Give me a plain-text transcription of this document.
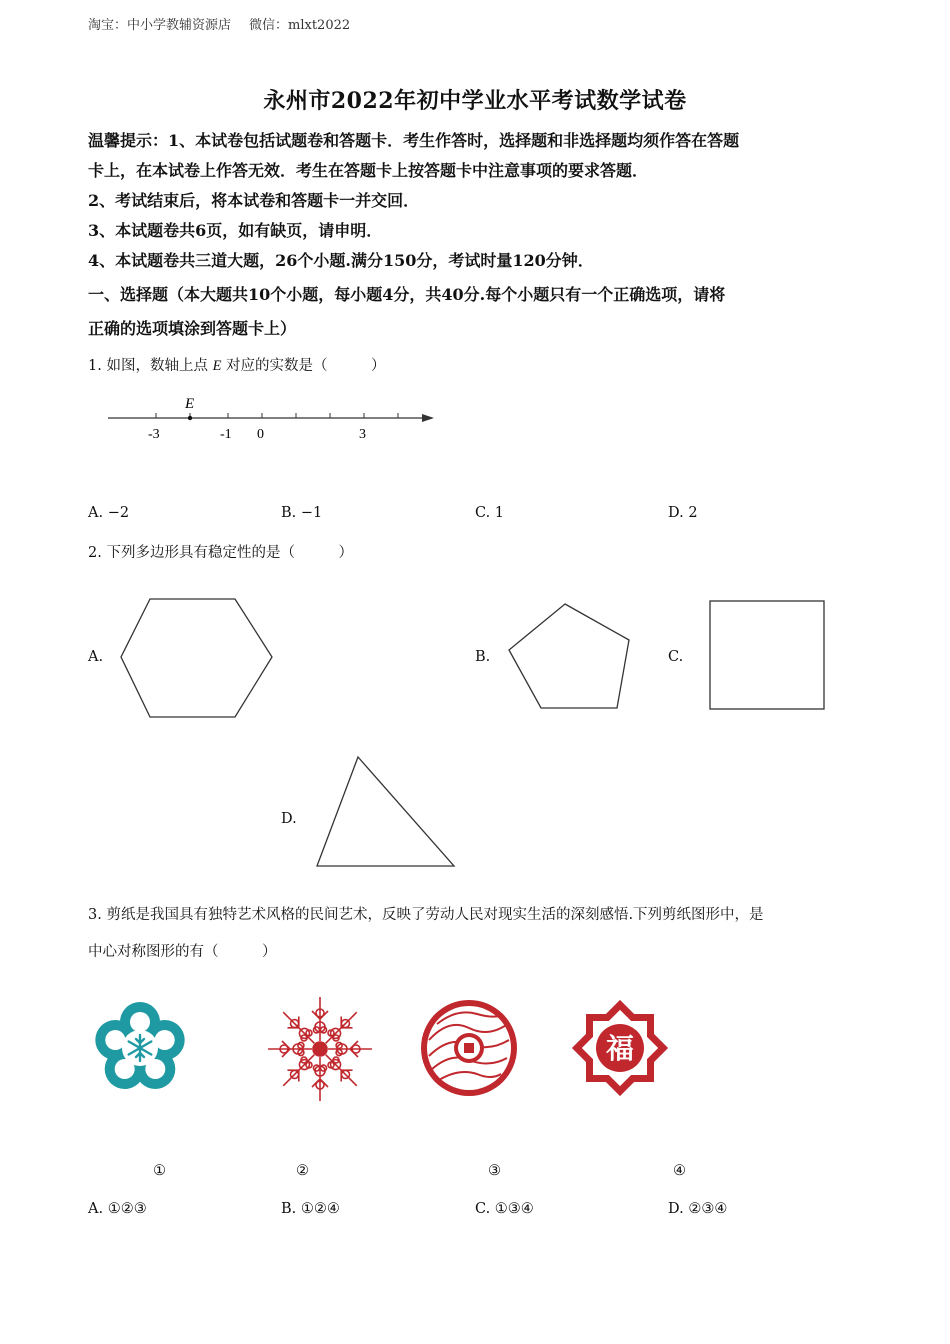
淘宝：中小学教辅资源店 微信：mlxt2022
永州市2022年初中学业水平考试数学试卷
温馨提示：1、本试卷包括试题卷和答题卡．考生作答时，选择题和非选择题均须作答在答题
卡上，在本试卷上作答无效．考生在答题卡上按答题卡中注意事项的要求答题．
2、考试结束后，将本试卷和答题卡一并交回．
3、本试题卷共6页，如有缺页，请申明．
4、本试题卷共三道大题，26个小题.满分150分，考试时量120分钟．
一、选择题（本大题共10个小题，每小题4分，共40分.每个小题只有一个正确选项，请将
正确的选项填涂到答题卡上）
1. 如图，数轴上点 E 对应的实数是（　　　）
E
-3	-1 0	3
A. −2	B. −1	C. 1	D. 2
2. 下列多边形具有稳定性的是（　　　）
A.	B.	C.
D.
3. 剪纸是我国具有独特艺术风格的民间艺术，反映了劳动人民对现实生活的深刻感悟.下列剪纸图形中，是
中心对称图形的有（　　　）
福
①	②	③	④
A. ①②③	B. ①②④	C. ①③④	D. ②③④
